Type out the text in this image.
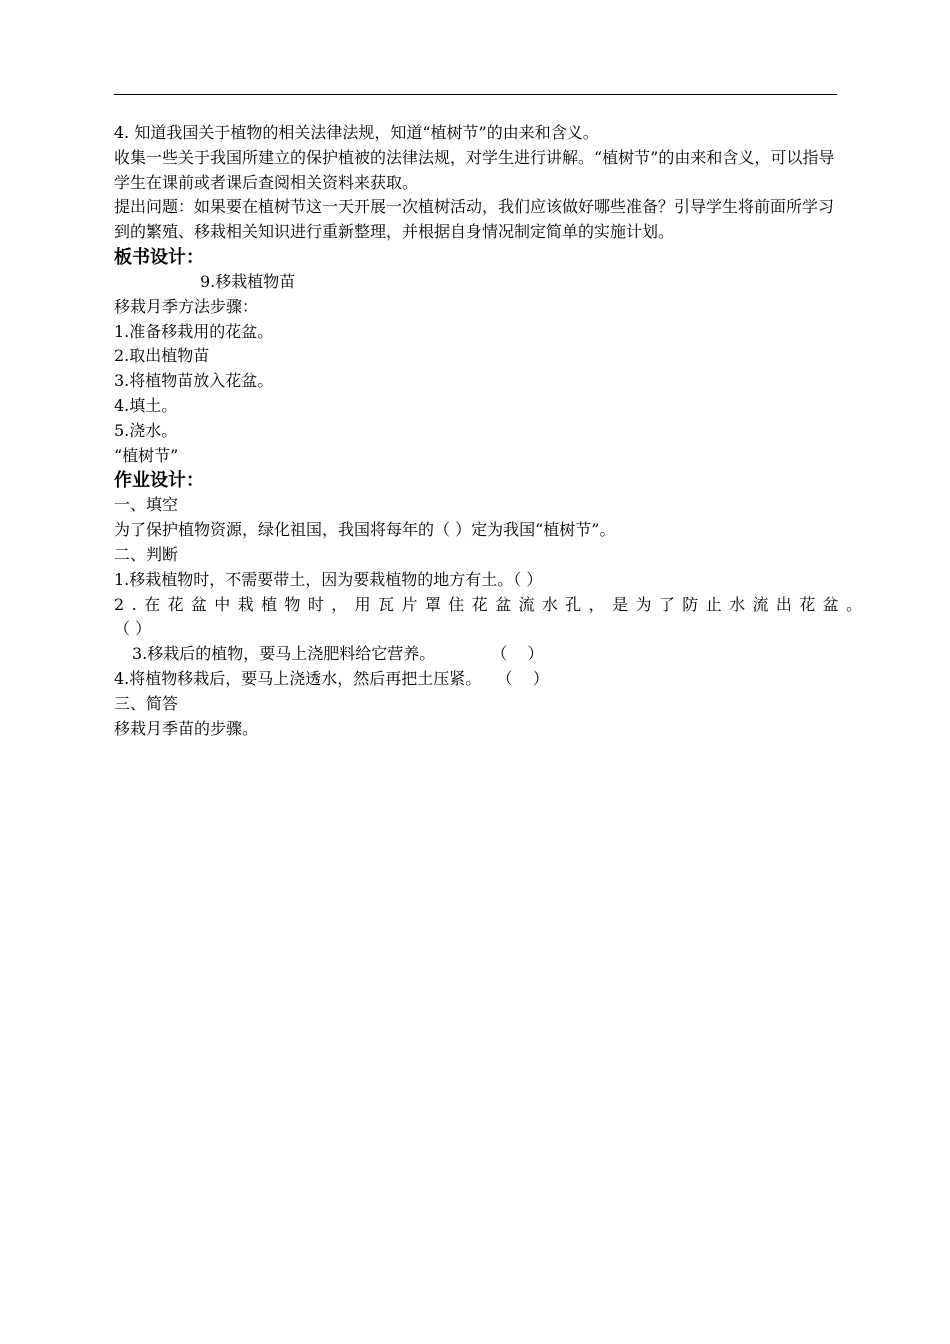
4. 知道我国关于植物的相关法律法规，知道“植树节”的由来和含义。
收集一些关于我国所建立的保护植被的法律法规，对学生进行讲解。“植树节”的由来和含义，可以指导学生在课前或者课后查阅相关资料来获取。
提出问题：如果要在植树节这一天开展一次植树活动，我们应该做好哪些准备？引导学生将前面所学习到的繁殖、移栽相关知识进行重新整理，并根据自身情况制定简单的实施计划。
板书设计：
9.移栽植物苗
移栽月季方法步骤：
1.准备移栽用的花盆。
2.取出植物苗
3.将植物苗放入花盆。
4.填土。
5.浇水。
“植树节”
作业设计：
一、填空
为了保护植物资源，绿化祖国，我国将每年的（ ）定为我国“植树节”。
二、判断
1.移栽植物时，不需要带土，因为要栽植物的地方有土。（ ）
2.在花盆中栽植物时，用瓦片罩住花盆流水孔，是为了防止水流出花盆。
（ ）
3.移栽后的植物，要马上浇肥料给它营养。           （    ）
4.将植物移栽后，要马上浇透水，然后再把土压紧。   （    ）
三、简答
移栽月季苗的步骤。
